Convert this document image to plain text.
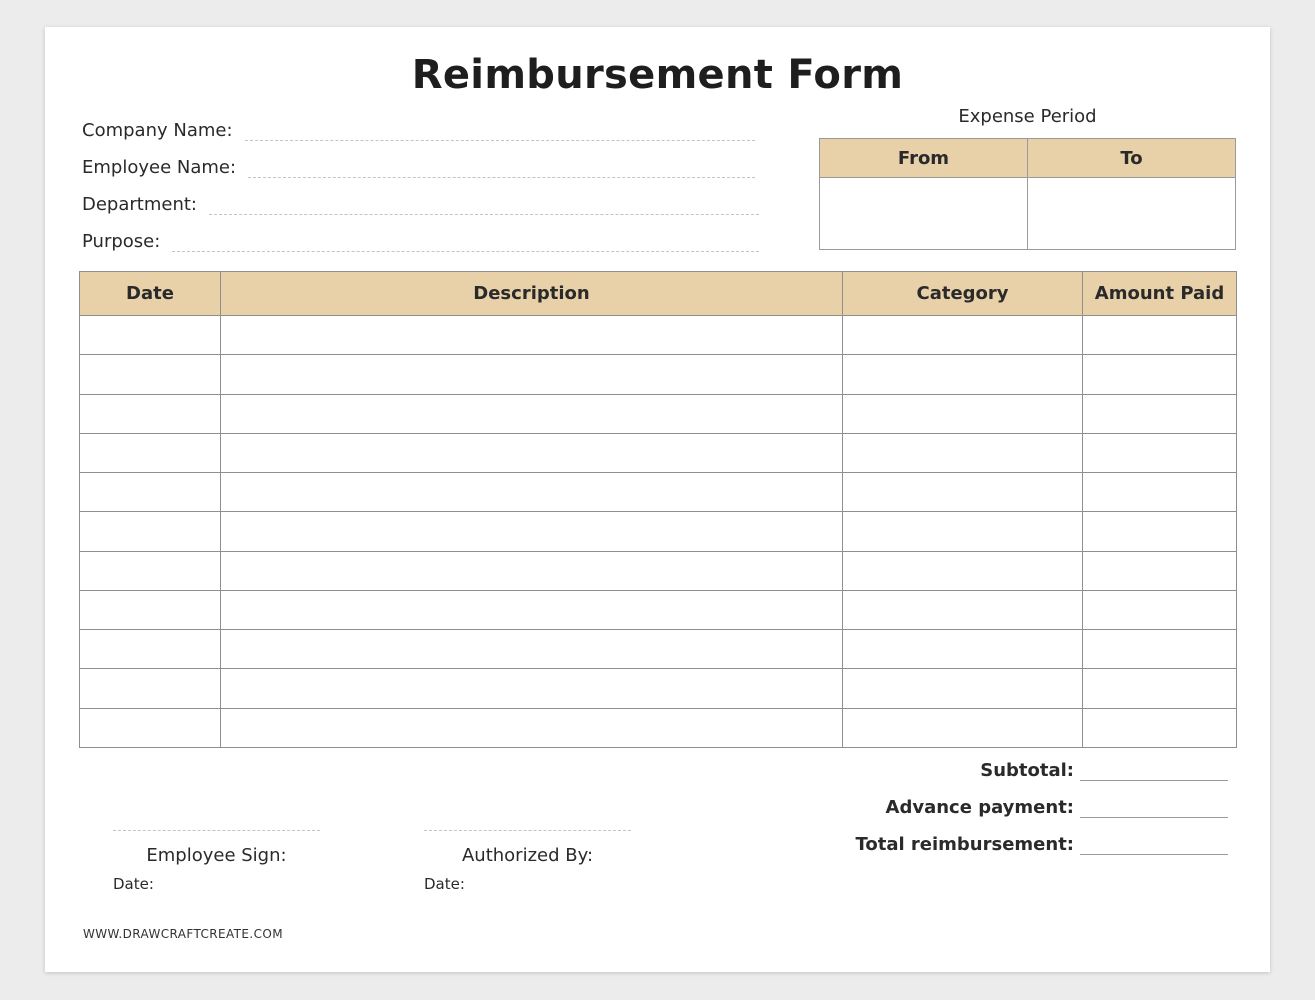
Reimbursement Form
Company Name:
Employee Name:
Department:
Purpose:
Expense Period
From	To

Date	Description	Category	Amount Paid

Subtotal:
Advance payment:
Total reimbursement:
Employee Sign:
Date:
Authorized By:
Date:
WWW.DRAWCRAFTCREATE.COM
